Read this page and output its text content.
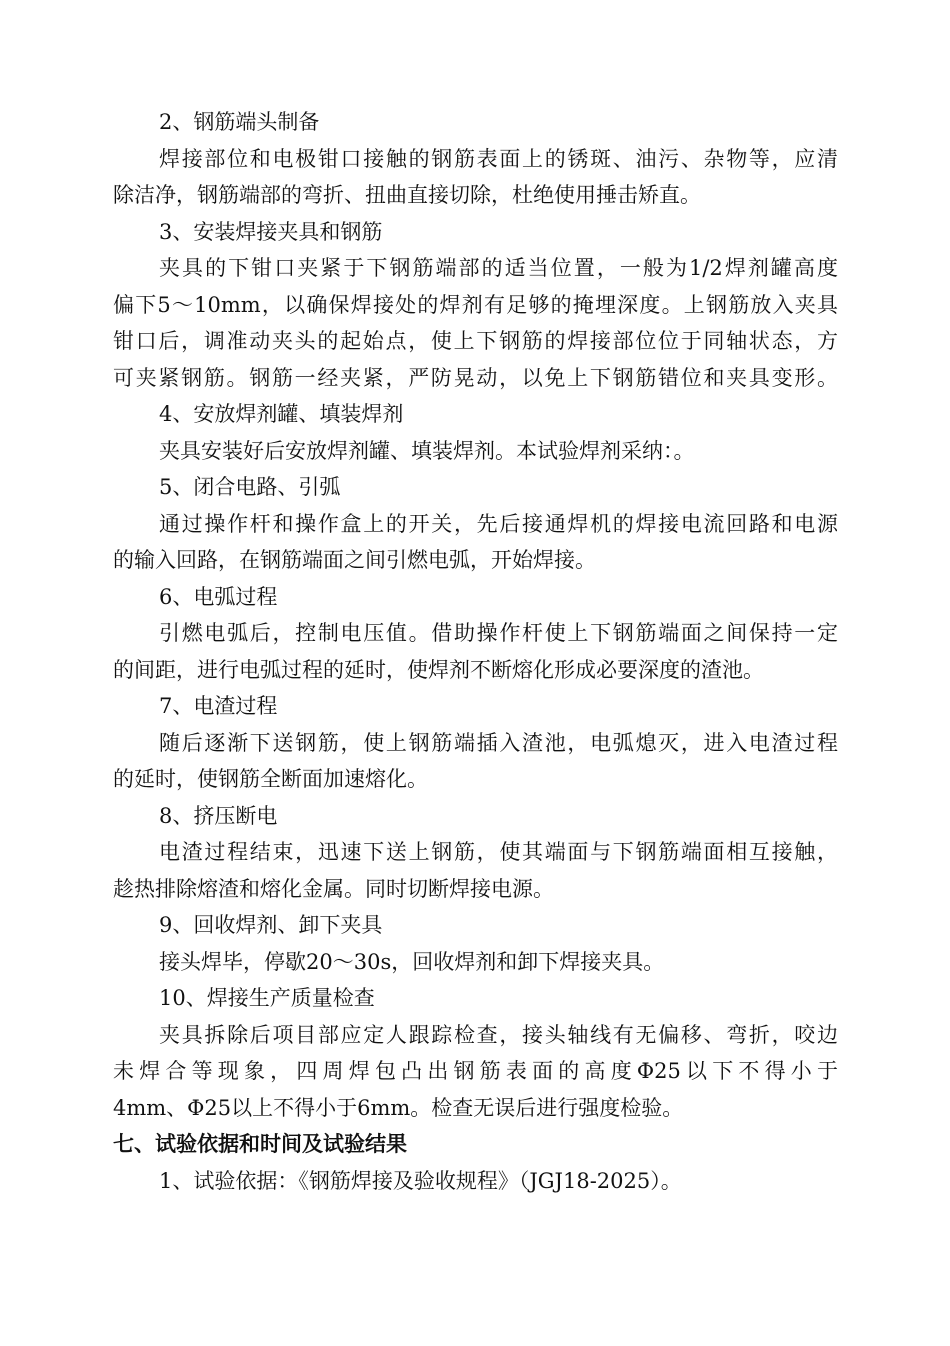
2、钢筋端头制备
焊接部位和电极钳口接触的钢筋表面上的锈斑、油污、杂物等，应清
除洁净，钢筋端部的弯折、扭曲直接切除，杜绝使用捶击矫直。
3、安装焊接夹具和钢筋
夹具的下钳口夹紧于下钢筋端部的适当位置，一般为1/2焊剂罐高度
偏下5～10mm，以确保焊接处的焊剂有足够的掩埋深度。上钢筋放入夹具
钳口后，调准动夹头的起始点，使上下钢筋的焊接部位位于同轴状态，方
可夹紧钢筋。钢筋一经夹紧，严防晃动，以免上下钢筋错位和夹具变形。
4、安放焊剂罐、填装焊剂
夹具安装好后安放焊剂罐、填装焊剂。本试验焊剂采纳：。
5、闭合电路、引弧
通过操作杆和操作盒上的开关，先后接通焊机的焊接电流回路和电源
的输入回路，在钢筋端面之间引燃电弧，开始焊接。
6、电弧过程
引燃电弧后，控制电压值。借助操作杆使上下钢筋端面之间保持一定
的间距，进行电弧过程的延时，使焊剂不断熔化形成必要深度的渣池。
7、电渣过程
随后逐渐下送钢筋，使上钢筋端插入渣池，电弧熄灭，进入电渣过程
的延时，使钢筋全断面加速熔化。
8、挤压断电
电渣过程结束，迅速下送上钢筋，使其端面与下钢筋端面相互接触，
趁热排除熔渣和熔化金属。同时切断焊接电源。
9、回收焊剂、卸下夹具
接头焊毕，停歇20～30s，回收焊剂和卸下焊接夹具。
10、焊接生产质量检查
夹具拆除后项目部应定人跟踪检查，接头轴线有无偏移、弯折，咬边
未焊合等现象，四周焊包凸出钢筋表面的高度Φ25以下不得小于
4mm、Φ25以上不得小于6mm。检查无误后进行强度检验。
七、试验依据和时间及试验结果
1、试验依据：《钢筋焊接及验收规程》（JGJ18-2025）。
